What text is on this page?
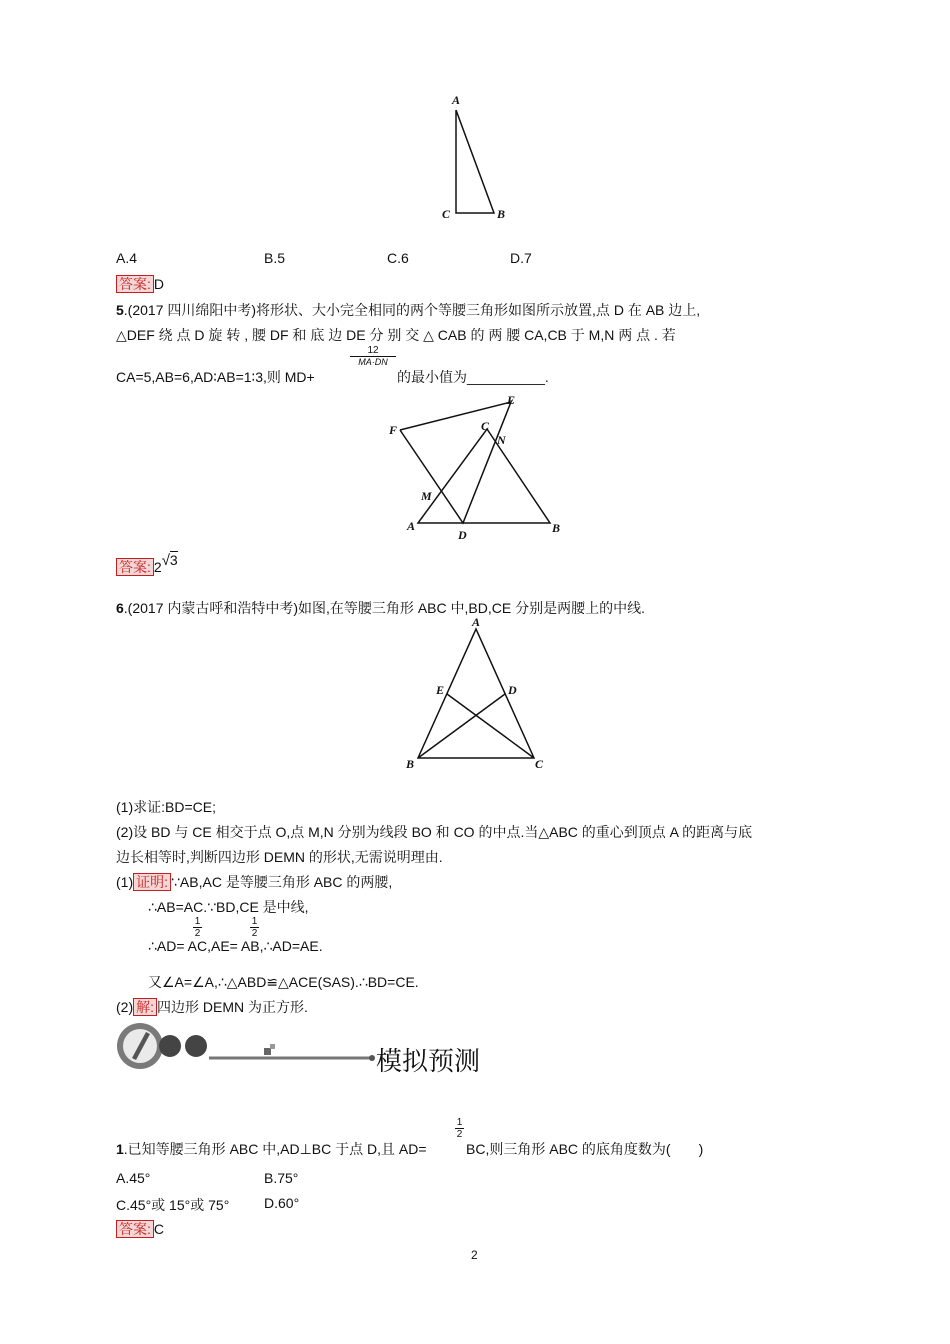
A
C	B
A.4	B.5	C.6	D.7
答案: D
5.(2017 四川绵阳中考)将形状、大小完全相同的两个等腰三角形如图所示放置,点 D 在 AB 边上,
△DEF 绕 点 D 旋 转 , 腰 DF 和 底 边 DE 分 别 交 △ CAB 的 两 腰 CA,CB 于 M,N 两 点 . 若
CA=5,AB=6,AD∶AB=1∶3,则 MD+
$\frac{12}{MA\cdot DN}$
的最小值为__________.
E
F	C
N
M
A
D	B
答案: 2√3
6.(2017 内蒙古呼和浩特中考)如图,在等腰三角形 ABC 中,BD,CE 分别是两腰上的中线.
A
E	D
B	C
(1)求证:BD=CE;
(2)设 BD 与 CE 相交于点 O,点 M,N 分别为线段 BO 和 CO 的中点.当△ABC 的重心到顶点 A 的距离与底
边长相等时,判断四边形 DEMN 的形状,无需说明理由.
(1) 证明: ∵AB,AC 是等腰三角形 ABC 的两腰,
∴AB=AC.∵BD,CE 是中线,
∴AD= AC,AE= AB,∴AD=AE.
$\frac{1}{2}$	$\frac{1}{2}$
又∠A=∠A,∴△ABD≌△ACE(SAS).∴BD=CE.
(2) 解: 四边形 DEMN 为正方形.
模拟预测
1.已知等腰三角形 ABC 中,AD⊥BC 于点 D,且 AD=
$\frac{1}{2}$
BC,则三角形 ABC 的底角度数为(　　)
A.45°	B.75°
C.45°或 15°或 75° D.60°
答案: C
2
